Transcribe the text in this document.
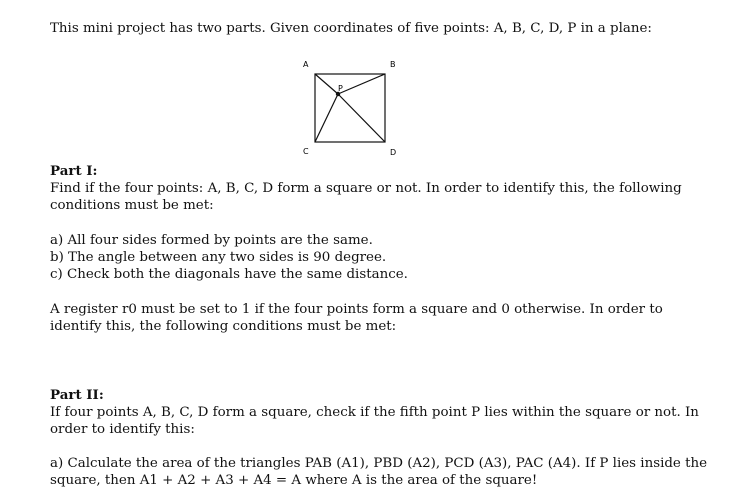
This mini project has two parts. Given coordinates of five points: A, B, C, D, P in a plane:
Part I:
Find if the four points: A, B, C, D form a square or not. In order to identify this, the following
conditions must be met:
a) All four sides formed by points are the same.
b) The angle between any two sides is 90 degree.
c) Check both the diagonals have the same distance.
A register r0 must be set to 1 if the four points form a square and 0 otherwise. In order to
identify this, the following conditions must be met:
Part II:
If four points A, B, C, D form a square, check if the fifth point P lies within the square or not. In
order to identify this:
a) Calculate the area of the triangles PAB (A1), PBD (A2), PCD (A3), PAC (A4). If P lies inside the
square, then A1 + A2 + A3 + A4 = A where A is the area of the square!
A	B
C	D
P
